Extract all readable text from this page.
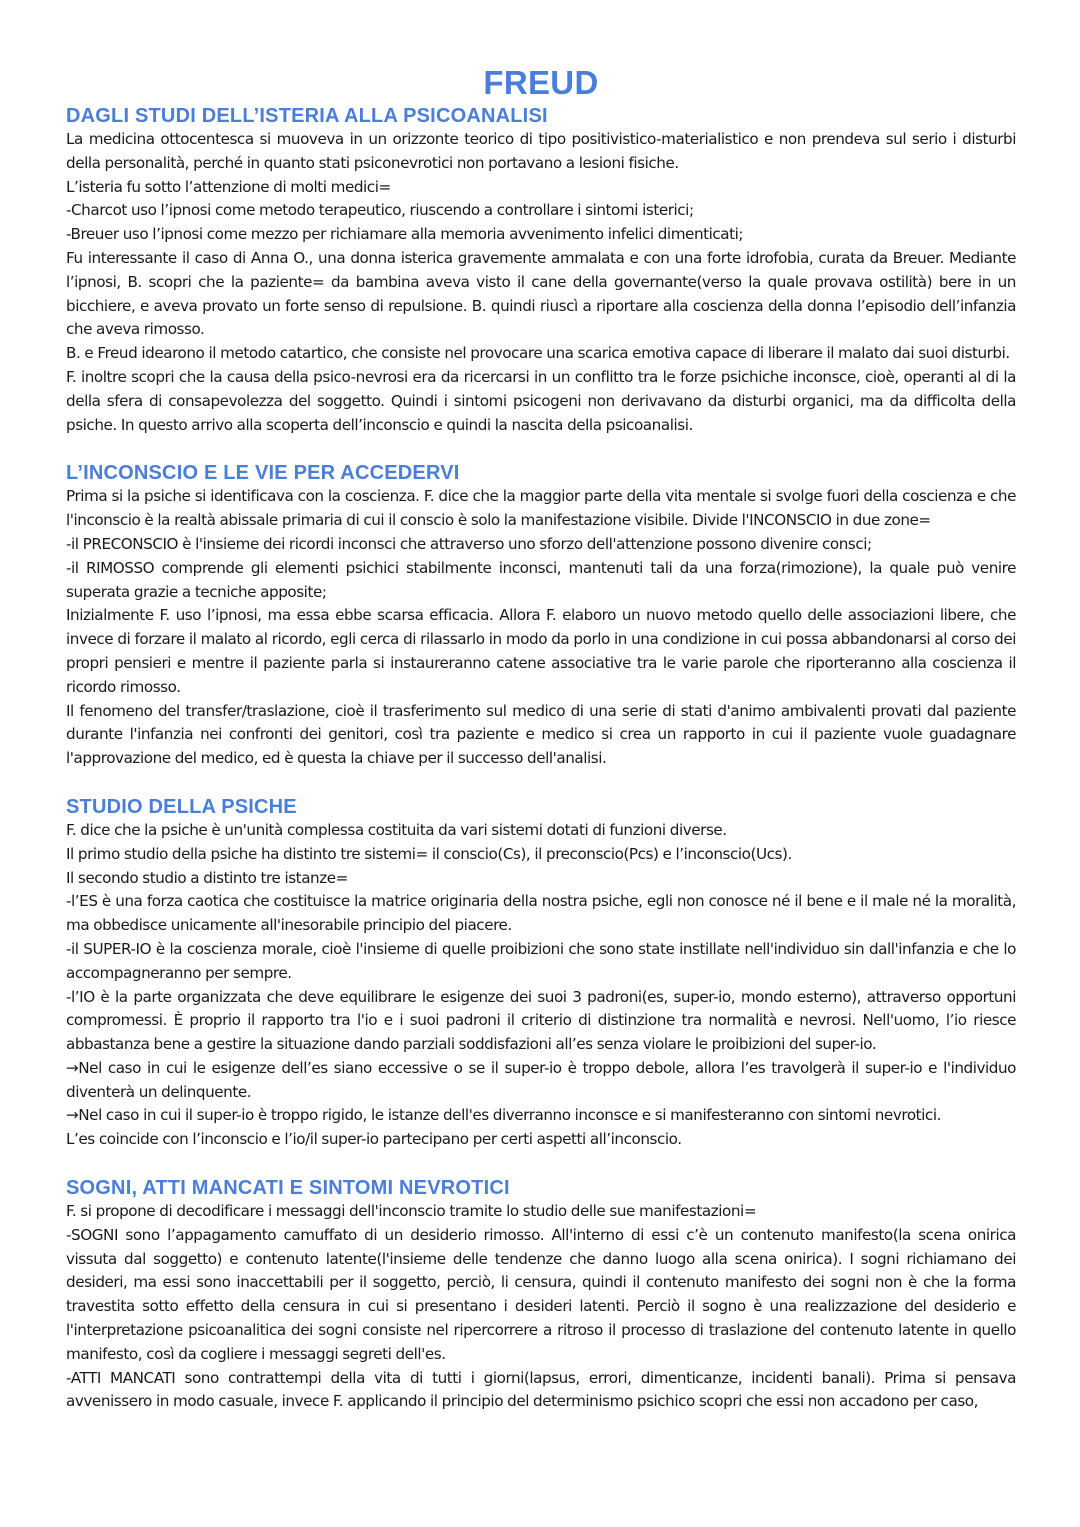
FREUD
DAGLI STUDI DELL’ISTERIA ALLA PSICOANALISI

La medicina ottocentesca si muoveva in un orizzonte teorico di tipo positivistico-materialistico e non prendeva sul serio i disturbi della personalità, perché in quanto stati psiconevrotici non portavano a lesioni fisiche.

L’isteria fu sotto l’attenzione di molti medici=

-Charcot uso l’ipnosi come metodo terapeutico, riuscendo a controllare i sintomi isterici;

-Breuer uso l’ipnosi come mezzo per richiamare alla memoria avvenimento infelici dimenticati;

Fu interessante il caso di Anna O., una donna isterica gravemente ammalata e con una forte idrofobia, curata da Breuer. Mediante l’ipnosi, B. scopri che la paziente= da bambina aveva visto il cane della governante(verso la quale provava ostilità) bere in un bicchiere, e aveva provato un forte senso di repulsione. B. quindi riuscì a riportare alla coscienza della donna l’episodio dell’infanzia che aveva rimosso.

B. e Freud idearono il metodo catartico, che consiste nel provocare una scarica emotiva capace di liberare il malato dai suoi disturbi.

F. inoltre scopri che la causa della psico-nevrosi era da ricercarsi in un conflitto tra le forze psichiche inconsce, cioè, operanti al di la della sfera di consapevolezza del soggetto. Quindi i sintomi psicogeni non derivavano da disturbi organici, ma da difficolta della psiche. In questo arrivo alla scoperta dell’inconscio e quindi la nascita della psicoanalisi.

L’INCONSCIO E LE VIE PER ACCEDERVI

Prima si la psiche si identificava con la coscienza. F. dice che la maggior parte della vita mentale si svolge fuori della coscienza e che l'inconscio è la realtà abissale primaria di cui il conscio è solo la manifestazione visibile. Divide l'INCONSCIO in due zone=

-il PRECONSCIO è l'insieme dei ricordi inconsci che attraverso uno sforzo dell'attenzione possono divenire consci;

-il RIMOSSO comprende gli elementi psichici stabilmente inconsci, mantenuti tali da una forza(rimozione), la quale può venire superata grazie a tecniche apposite;

Inizialmente F. uso l’ipnosi, ma essa ebbe scarsa efficacia. Allora F. elaboro un nuovo metodo quello delle associazioni libere, che invece di forzare il malato al ricordo, egli cerca di rilassarlo in modo da porlo in una condizione in cui possa abbandonarsi al corso dei propri pensieri e mentre il paziente parla si instaureranno catene associative tra le varie parole che riporteranno alla coscienza il ricordo rimosso.

Il fenomeno del transfer/traslazione, cioè il trasferimento sul medico di una serie di stati d'animo ambivalenti provati dal paziente durante l'infanzia nei confronti dei genitori, così tra paziente e medico si crea un rapporto in cui il paziente vuole guadagnare l'approvazione del medico, ed è questa la chiave per il successo dell'analisi.

STUDIO DELLA PSICHE

F. dice che la psiche è un'unità complessa costituita da vari sistemi dotati di funzioni diverse.

Il primo studio della psiche ha distinto tre sistemi= il conscio(Cs), il preconscio(Pcs) e l’inconscio(Ucs).

Il secondo studio a distinto tre istanze=

-l’ES è una forza caotica che costituisce la matrice originaria della nostra psiche, egli non conosce né il bene e il male né la moralità, ma obbedisce unicamente all'inesorabile principio del piacere.

-il SUPER-IO è la coscienza morale, cioè l'insieme di quelle proibizioni che sono state instillate nell'individuo sin dall'infanzia e che lo accompagneranno per sempre.

-l’IO è la parte organizzata che deve equilibrare le esigenze dei suoi 3 padroni(es, super-io, mondo esterno), attraverso opportuni compromessi. È proprio il rapporto tra l'io e i suoi padroni il criterio di distinzione tra normalità e nevrosi. Nell'uomo, l’io riesce abbastanza bene a gestire la situazione dando parziali soddisfazioni all’es senza violare le proibizioni del super-io.

→Nel caso in cui le esigenze dell’es siano eccessive o se il super-io è troppo debole, allora l’es travolgerà il super-io e l'individuo diventerà un delinquente.

→Nel caso in cui il super-io è troppo rigido, le istanze dell'es diverranno inconsce e si manifesteranno con sintomi nevrotici.

L’es coincide con l’inconscio e l’io/il super-io partecipano per certi aspetti all’inconscio.

SOGNI, ATTI MANCATI E SINTOMI NEVROTICI

F. si propone di decodificare i messaggi dell'inconscio tramite lo studio delle sue manifestazioni=

-SOGNI sono l’appagamento camuffato di un desiderio rimosso. All'interno di essi c’è un contenuto manifesto(la scena onirica vissuta dal soggetto) e contenuto latente(l'insieme delle tendenze che danno luogo alla scena onirica). I sogni richiamano dei desideri, ma essi sono inaccettabili per il soggetto, perciò, li censura, quindi il contenuto manifesto dei sogni non è che la forma travestita sotto effetto della censura in cui si presentano i desideri latenti. Perciò il sogno è una realizzazione del desiderio e l'interpretazione psicoanalitica dei sogni consiste nel ripercorrere a ritroso il processo di traslazione del contenuto latente in quello manifesto, così da cogliere i messaggi segreti dell'es.

-ATTI MANCATI sono contrattempi della vita di tutti i giorni(lapsus, errori, dimenticanze, incidenti banali). Prima si pensava avvenissero in modo casuale, invece F. applicando il principio del determinismo psichico scopri che essi non accadono per caso,
